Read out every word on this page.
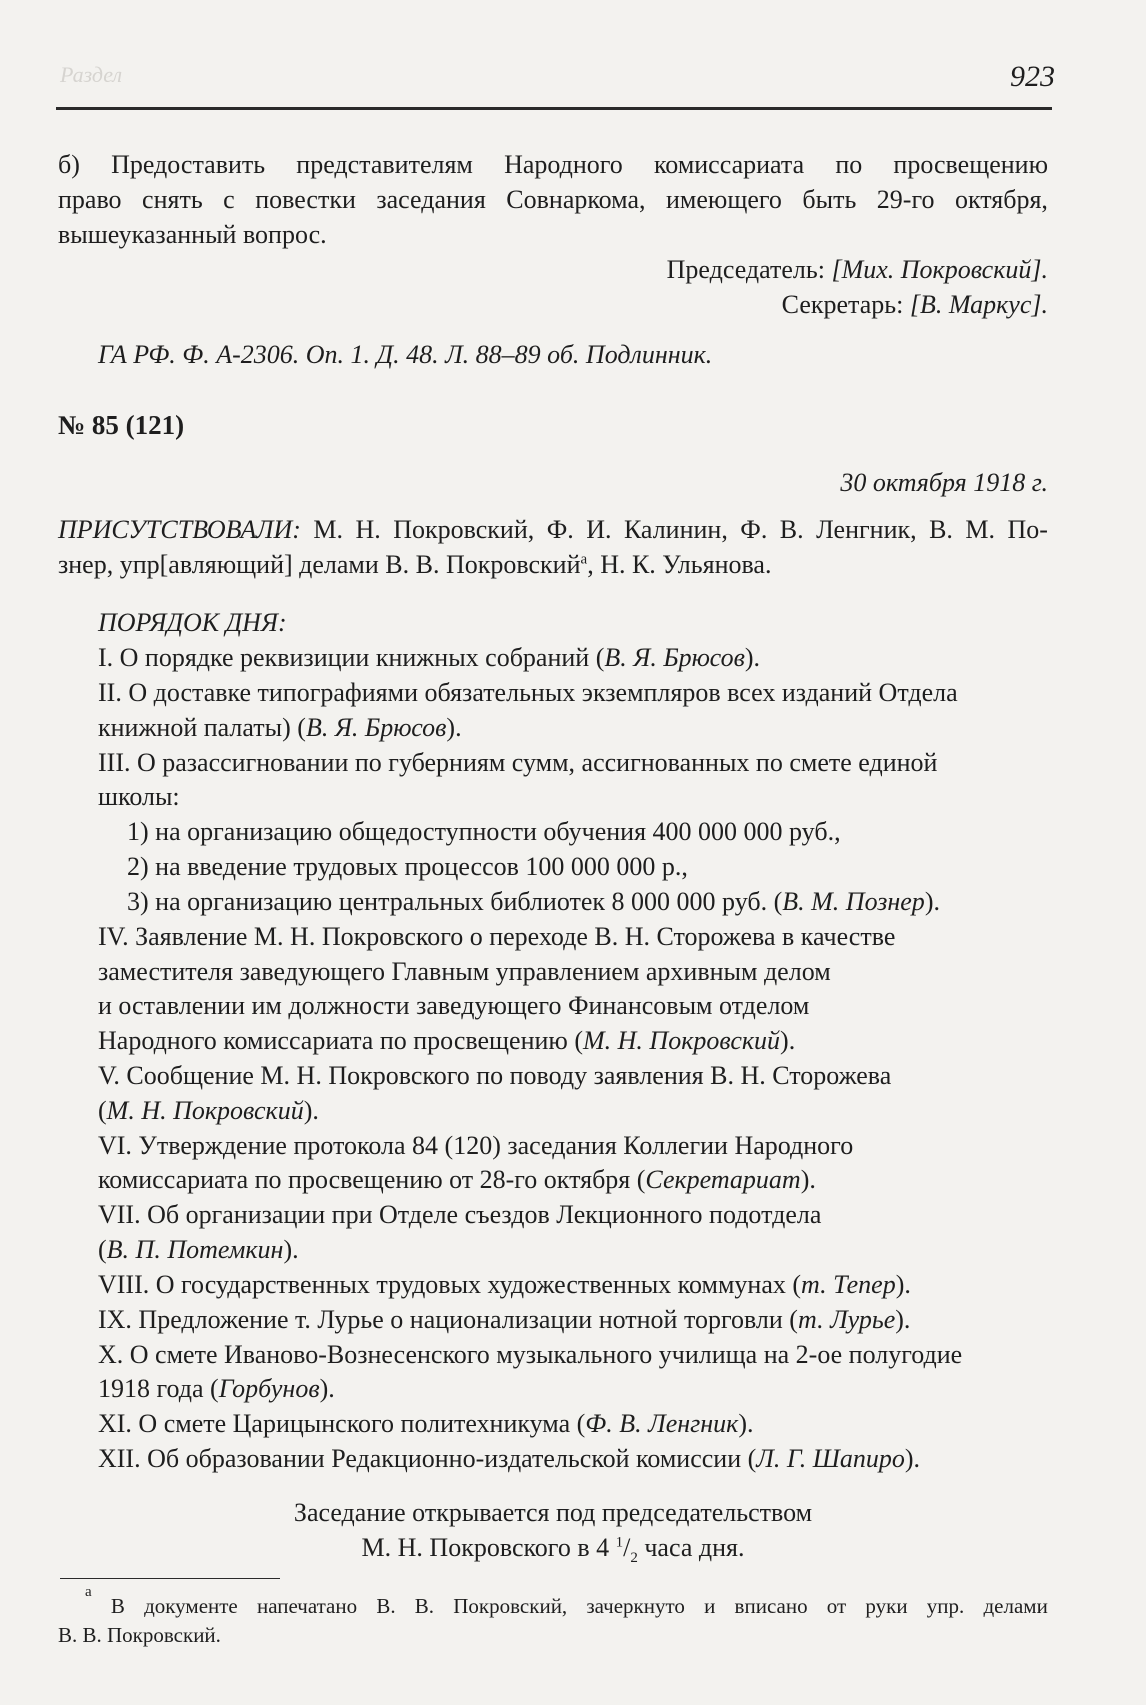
Раздел	923
б) Предоставить представителям Народного комиссариата по просвещению
право снять с повестки заседания Совнаркома, имеющего быть 29-го октября,
вышеуказанный вопрос.
Председатель: [Мих. Покровский].
Секретарь: [В. Маркус].
ГА РФ. Ф. А-2306. Оп. 1. Д. 48. Л. 88–89 об. Подлинник.
№ 85 (121)
30 октября 1918 г.
ПРИСУТСТВОВАЛИ: М. Н. Покровский, Ф. И. Калинин, Ф. В. Ленгник, В. М. По-
знер, упр[авляющий] делами В. В. Покровский$^а$, Н. К. Ульянова.
ПОРЯДОК ДНЯ:
I. О порядке реквизиции книжных собраний (В. Я. Брюсов).
II. О доставке типографиями обязательных экземпляров всех изданий Отдела
книжной палаты) (В. Я. Брюсов).
III. О разассигновании по губерниям сумм, ассигнованных по смете единой
школы:
1) на организацию общедоступности обучения 400 000 000 руб.,
2) на введение трудовых процессов 100 000 000 р.,
3) на организацию центральных библиотек 8 000 000 руб. (В. М. Познер).
IV. Заявление М. Н. Покровского о переходе В. Н. Сторожева в качестве
заместителя заведующего Главным управлением архивным делом
и оставлении им должности заведующего Финансовым отделом
Народного комиссариата по просвещению (М. Н. Покровский).
V. Сообщение М. Н. Покровского по поводу заявления В. Н. Сторожева
(М. Н. Покровский).
VI. Утверждение протокола 84 (120) заседания Коллегии Народного
комиссариата по просвещению от 28-го октября (Секретариат).
VII. Об организации при Отделе съездов Лекционного подотдела
(В. П. Потемкин).
VIII. О государственных трудовых художественных коммунах (т. Тепер).
IX. Предложение т. Лурье о национализации нотной торговли (т. Лурье).
X. О смете Иваново-Вознесенского музыкального училища на 2-ое полугодие
1918 года (Горбунов).
XI. О смете Царицынского политехникума (Ф. В. Ленгник).
XII. Об образовании Редакционно-издательской комиссии (Л. Г. Шапиро).
Заседание открывается под председательством
М. Н. Покровского в 4 $^1/_2$ часа дня.
а
В документе напечатано В. В. Покровский, зачеркнуто и вписано от руки упр. делами
В. В. Покровский.
